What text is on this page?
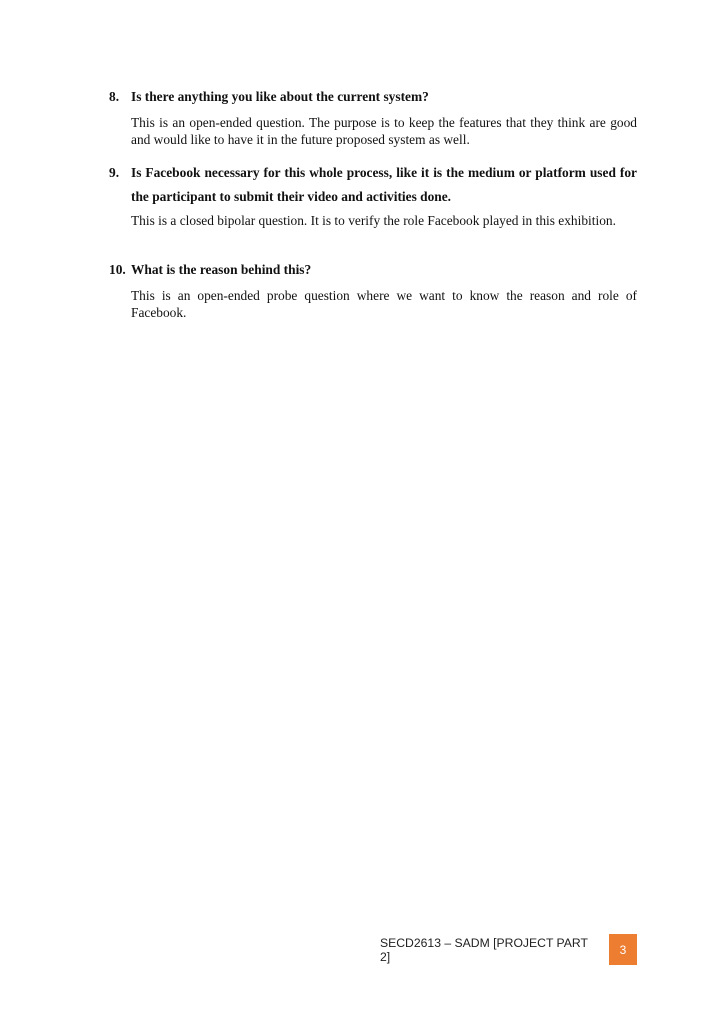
8. Is there anything you like about the current system?
This is an open-ended question. The purpose is to keep the features that they think are good and would like to have it in the future proposed system as well.
9. Is Facebook necessary for this whole process, like it is the medium or platform used for the participant to submit their video and activities done.
This is a closed bipolar question. It is to verify the role Facebook played in this exhibition.
10. What is the reason behind this?
This is an open-ended probe question where we want to know the reason and role of Facebook.
SECD2613 – SADM [PROJECT PART 2]	3
